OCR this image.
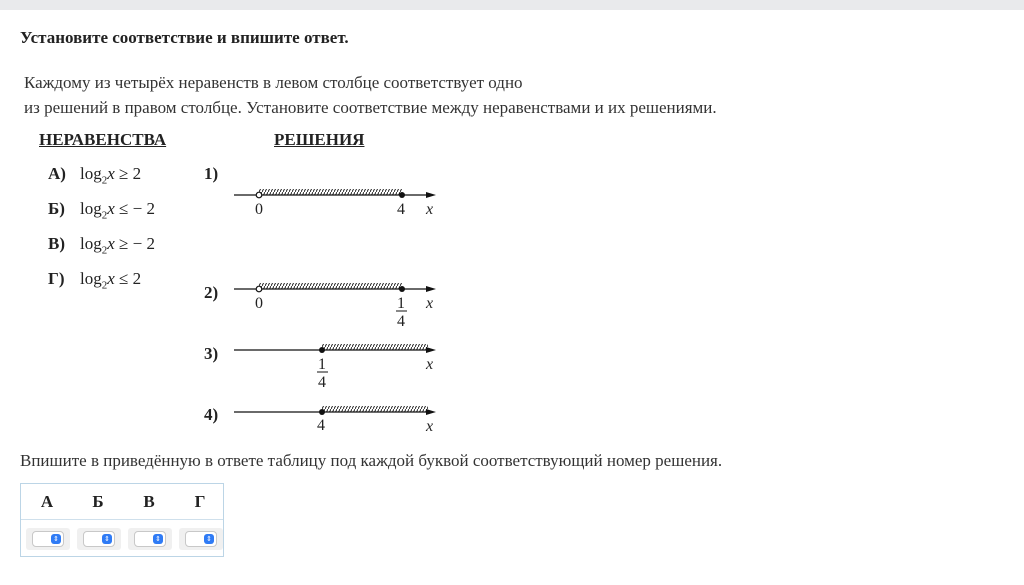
Установите соответствие и впишите ответ.
Каждому из четырёх неравенств в левом столбце соответствует одно
из решений в правом столбце. Установите соответствие между неравенствами и их решениями.
НЕРАВЕНСТВА	РЕШЕНИЯ
А) $\log_2x \ge 2$
Б) $\log_2x$ ≤ − 2
В) $\log_2x$ ≥ − 2
Г) $\log_2x \le 2$
1)
0	4 x
2)
0	1
4
x
3)
1
4
x
4)
4	x
Впишите в приведённую в ответе таблицу под каждой буквой соответствующий номер решения.
А	Б	В	Г
⇕	⇕	⇕	⇕
